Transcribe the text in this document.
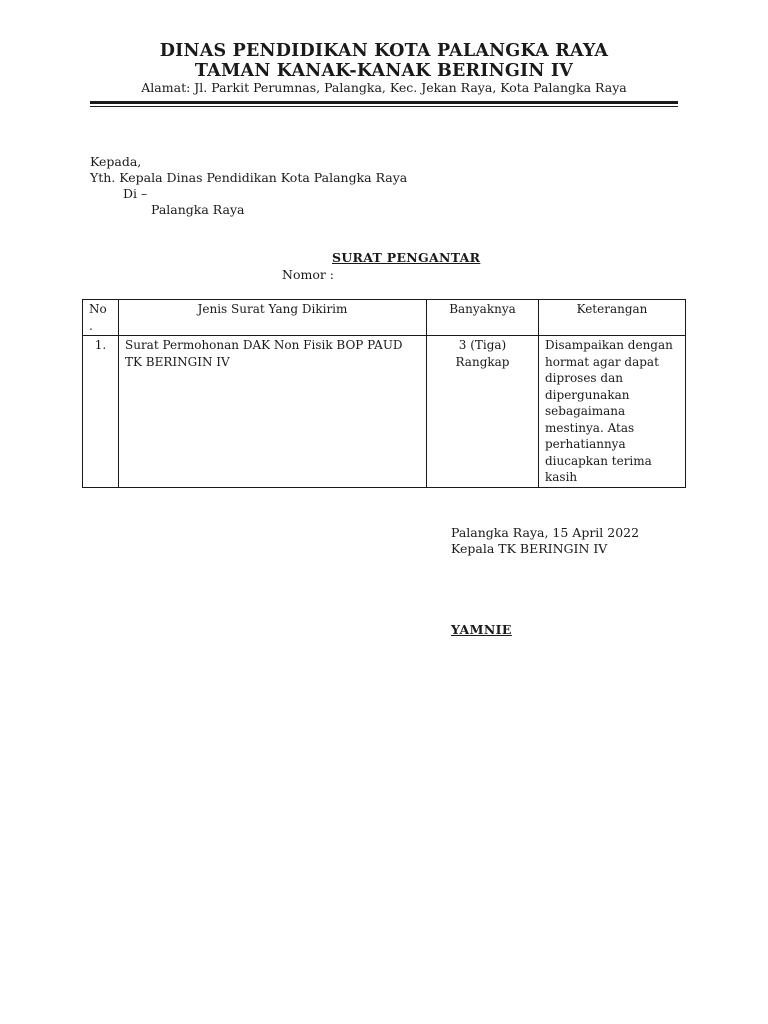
DINAS PENDIDIKAN KOTA PALANGKA RAYA
TAMAN KANAK-KANAK BERINGIN IV
Alamat: Jl. Parkit Perumnas, Palangka, Kec. Jekan Raya, Kota Palangka Raya
Kepada,
Yth. Kepala Dinas Pendidikan Kota Palangka Raya
Di –
Palangka Raya
SURAT PENGANTAR
Nomor :
No .	Jenis Surat Yang Dikirim	Banyaknya	Keterangan
1.	Surat Permohonan DAK Non Fisik BOP PAUD TK BERINGIN IV	3 (Tiga) Rangkap	Disampaikan dengan hormat agar dapat diproses dan dipergunakan sebagaimana mestinya. Atas perhatiannya diucapkan terima kasih
Palangka Raya, 15 April 2022
Kepala TK BERINGIN IV
YAMNIE
